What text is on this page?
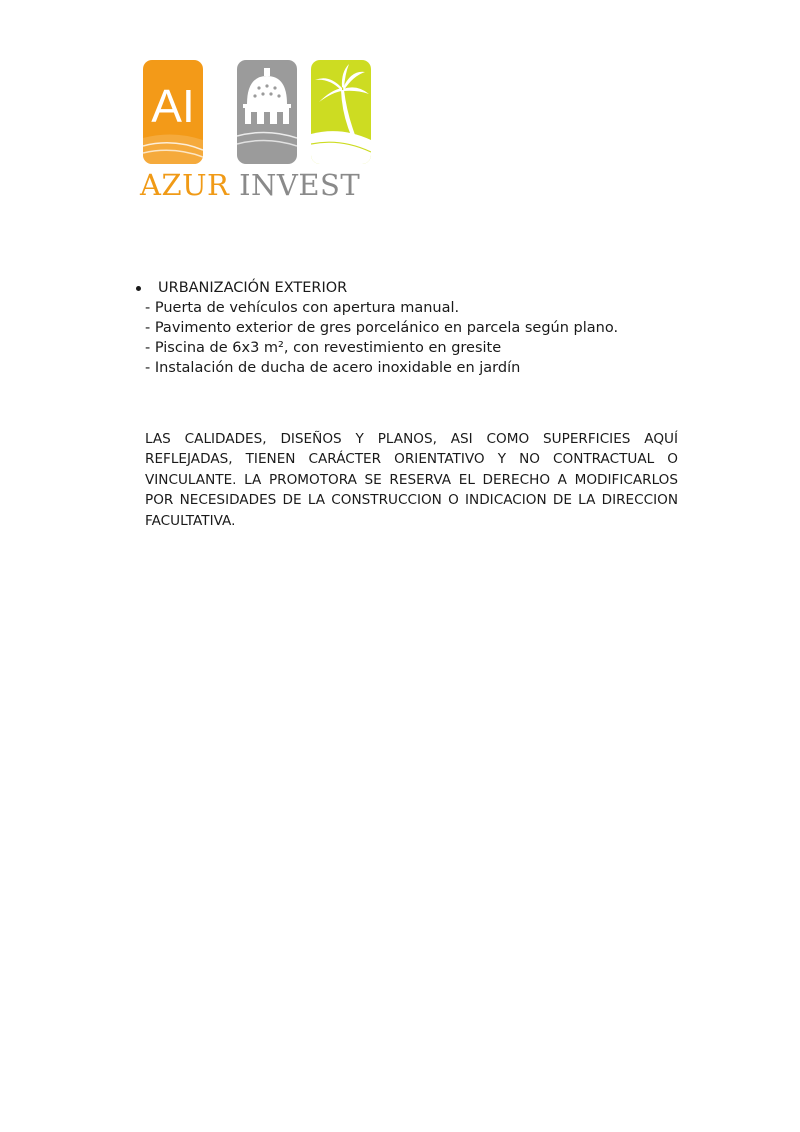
AI
AZUR INVEST
URBANIZACIÓN EXTERIOR
- Puerta de vehículos con apertura manual.
- Pavimento exterior de gres porcelánico en parcela según plano.
- Piscina de 6x3 m², con revestimiento en gresite
- Instalación de ducha de acero inoxidable en jardín

LAS CALIDADES, DISEÑOS Y PLANOS, ASI COMO SUPERFICIES AQUÍ REFLEJADAS, TIENEN CARÁCTER ORIENTATIVO Y NO CONTRACTUAL O VINCULANTE. LA PROMOTORA SE RESERVA EL DERECHO A MODIFICARLOS POR NECESIDADES DE LA CONSTRUCCION O INDICACION DE LA DIRECCION FACULTATIVA.
